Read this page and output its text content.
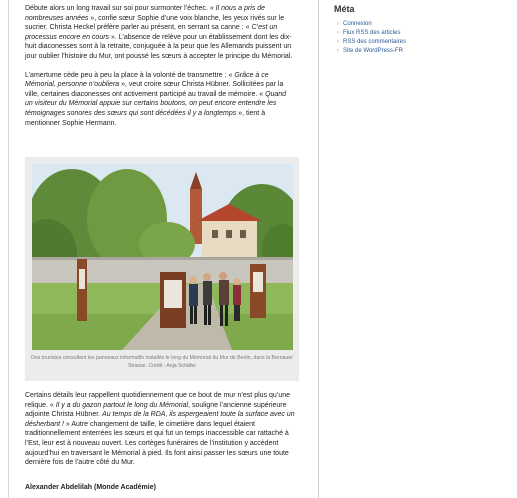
Débute alors un long travail sur soi pour surmonter l’échec. « Il nous a pris de nombreuses années », confie sœur Sophie d’une voix blanche, les yeux rivés sur le sucrier. Christa Heckel préfère parler au présent, en serrant sa canne : « C’est un processus encore en cours ». L’absence de relève pour un établissement dont les dix-huit diaconesses sont à la retraite, conjuguée à la peur que les Allemands puissent un jour oublier l’histoire du Mur, ont poussé les sœurs à accepter le principe du Mémorial.

L’amertume cède peu à peu la place à la volonté de transmettre : « Grâce à ce Mémorial, personne n’oubliera », veut croire sœur Christa Hübner. Sollicitées par la ville, certaines diaconesses ont activement participé au travail de mémoire. « Quand un visiteur du Mémorial appuie sur certains boutons, on peut encore entendre les témoignages sonores des sœurs qui sont décédées il y a longtemps », tient à mentionner Sophie Hermann.

Des touristes consultent les panneaux informatifs installés le long du Mémorial du Mur de Berlin, dans la Bernauer Strasse. Crédit : Anja Schäfer

Certains détails leur rappellent quotidiennement que ce bout de mur n’est plus qu’une relique. « Il y a du gazon partout le long du Mémorial, souligne l’ancienne supérieure adjointe Christa Hübner. Au temps de la RDA, ils aspergeaient toute la surface avec un désherbant ! » Autre changement de taille, le cimetière dans lequel étaient traditionnellement enterrées les sœurs et qui fut un temps inaccessible car rattaché à l’Est, leur est à nouveau ouvert. Les cortèges funéraires de l’institution y accèdent aujourd’hui en traversant le Mémorial à pied. Ils font ainsi passer les sœurs une toute dernière fois de l’autre côté du Mur.

Alexander Abdelilah (Monde Académie)
Méta
› Connexion
› Flux RSS des articles
› RSS des commentaires
› Site de WordPress-FR
